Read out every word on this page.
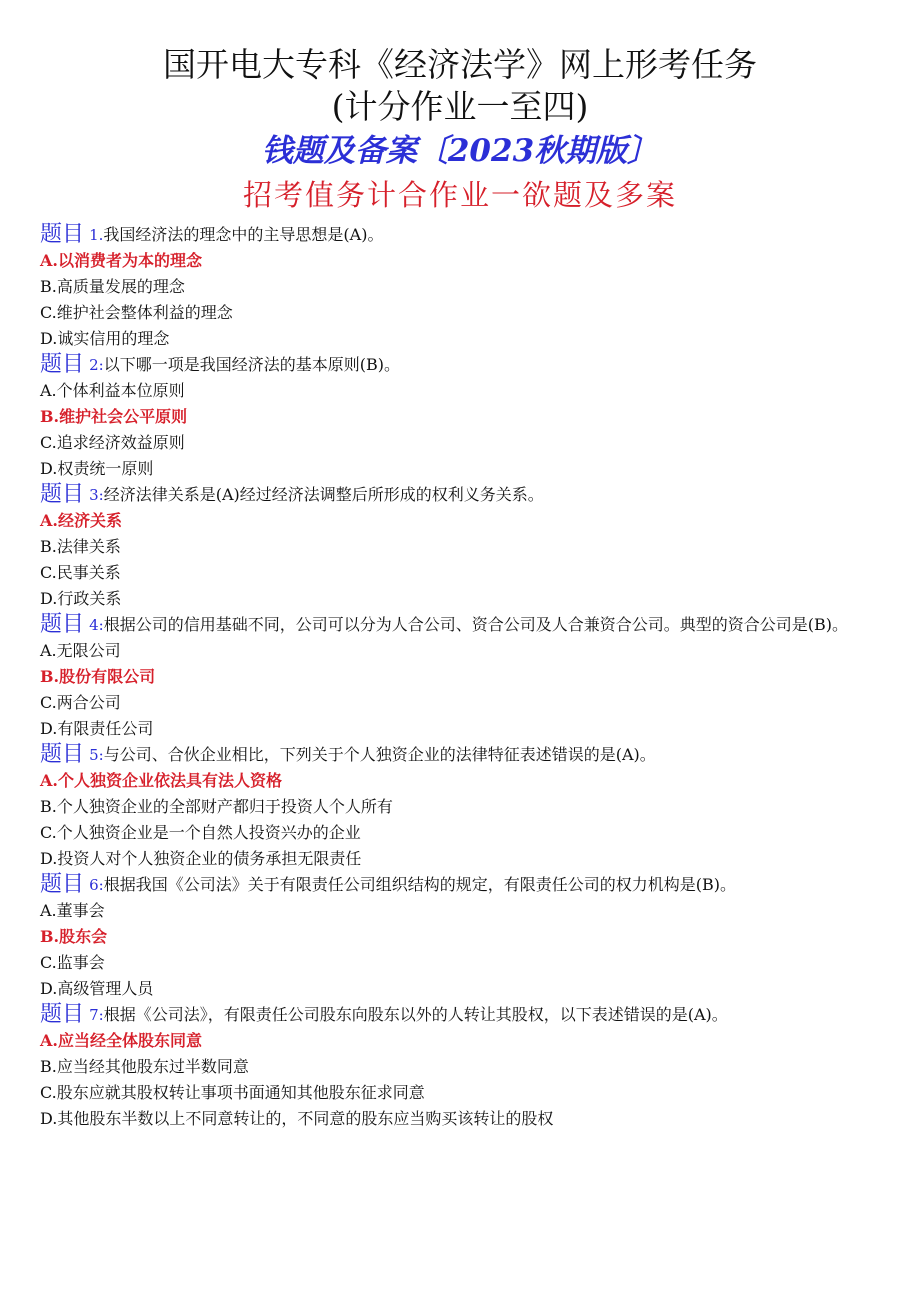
国开电大专科《经济法学》网上形考任务
(计分作业一至四)
钱题及备案〔2023秋期版〕
招考值务计合作业一欲题及多案

题目 1.我国经济法的理念中的主导思想是(A)。

A.以消费者为本的理念

B.高质量发展的理念

C.维护社会整体利益的理念

D.诚实信用的理念

题目 2:以下哪一项是我国经济法的基本原则(B)。

A.个体利益本位原则

B.维护社会公平原则

C.追求经济效益原则

D.权责统一原则

题目 3:经济法律关系是(A)经过经济法调整后所形成的权利义务关系。

A.经济关系

B.法律关系

C.民事关系

D.行政关系

题目 4:根据公司的信用基础不同，公司可以分为人合公司、资合公司及人合兼资合公司。典型的资合公司是(B)。

A.无限公司

B.股份有限公司

C.两合公司

D.有限责任公司

题目 5:与公司、合伙企业相比，下列关于个人独资企业的法律特征表述错误的是(A)。

A.个人独资企业依法具有法人资格

B.个人独资企业的全部财产都归于投资人个人所有

C.个人独资企业是一个自然人投资兴办的企业

D.投资人对个人独资企业的债务承担无限责任

题目 6:根据我国《公司法》关于有限责任公司组织结构的规定，有限责任公司的权力机构是(B)。

A.董事会

B.股东会

C.监事会

D.高级管理人员

题目 7:根据《公司法》，有限责任公司股东向股东以外的人转让其股权，以下表述错误的是(A)。

A.应当经全体股东同意

B.应当经其他股东过半数同意

C.股东应就其股权转让事项书面通知其他股东征求同意

D.其他股东半数以上不同意转让的，不同意的股东应当购买该转让的股权
